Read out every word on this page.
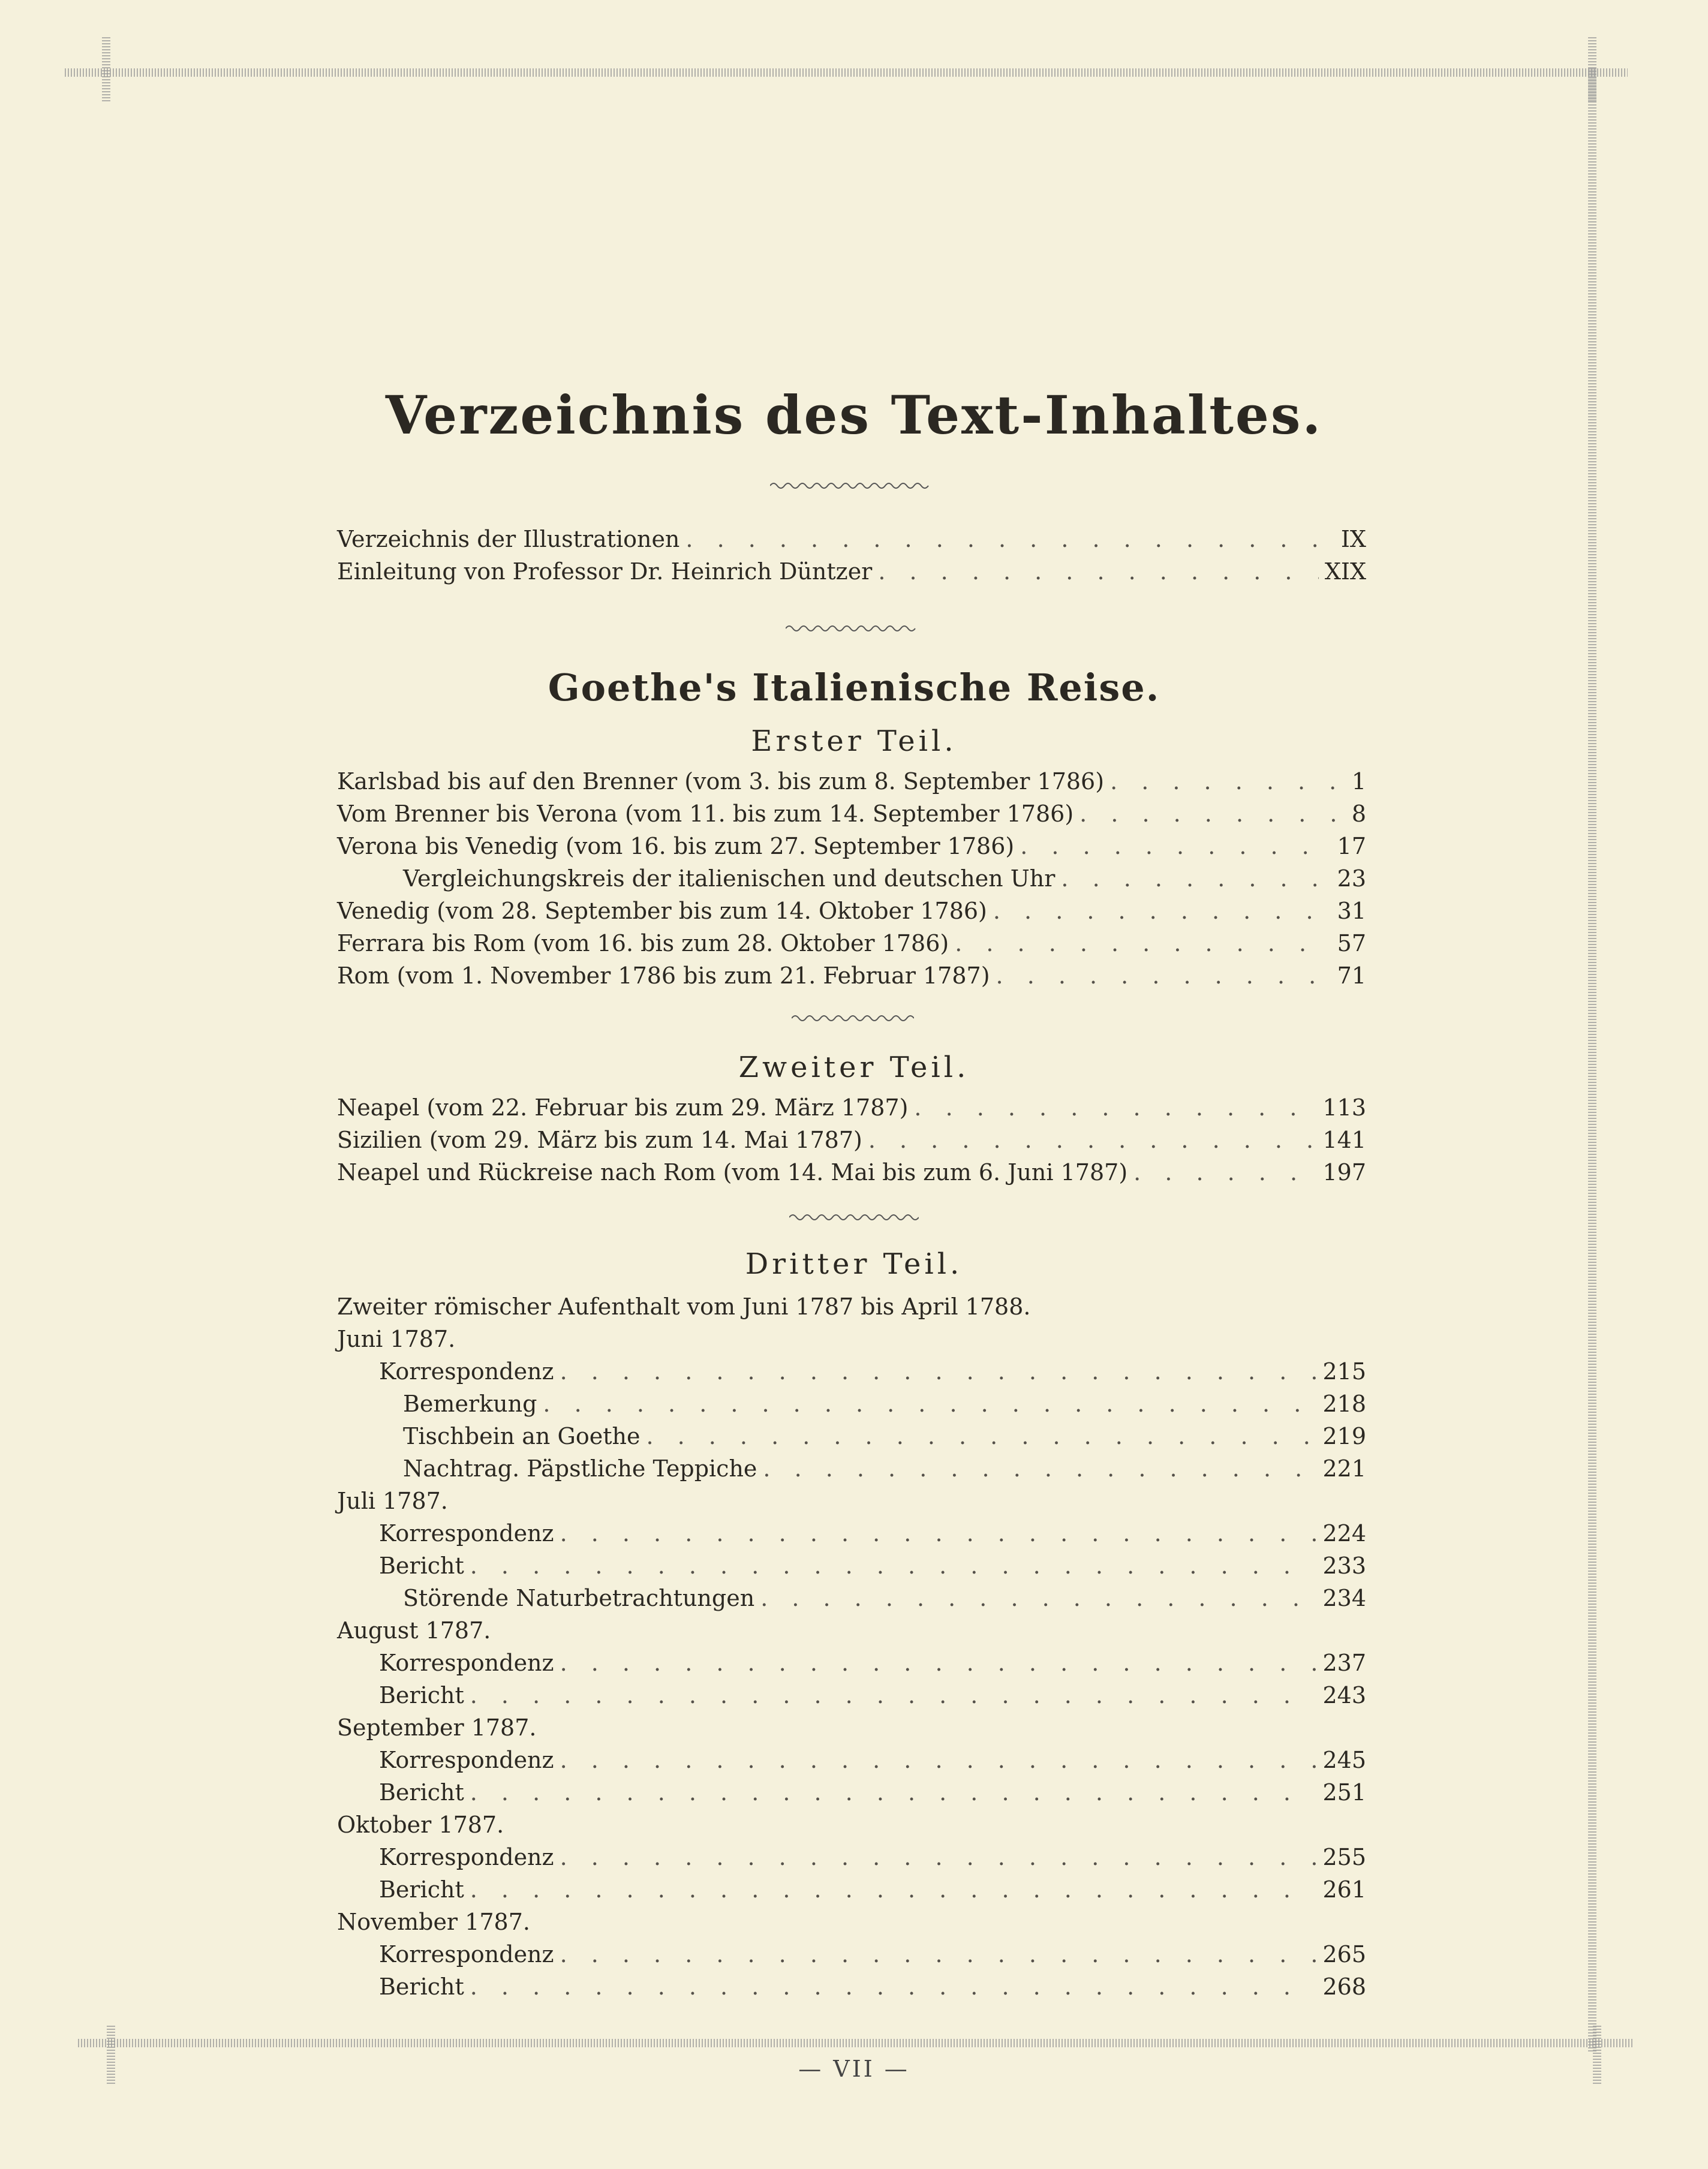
Verzeichnis des Text-Inhaltes.
Verzeichnis der Illustrationen . . .	IX
Einleitung von Professor Dr. Heinrich Düntzer . . .	XIX
Goethe's Italienische Reise.
Erster Teil.
Karlsbad bis auf den Brenner (vom 3. bis zum 8. September 1786) . . .	1
Vom Brenner bis Verona (vom 11. bis zum 14. September 1786) . . .	8
Verona bis Venedig (vom 16. bis zum 27. September 1786) . . .	17
Vergleichungskreis der italienischen und deutschen Uhr . . .	23
Venedig (vom 28. September bis zum 14. Oktober 1786) . . .	31
Ferrara bis Rom (vom 16. bis zum 28. Oktober 1786) . . .	57
Rom (vom 1. November 1786 bis zum 21. Februar 1787) . . .	71
Zweiter Teil.
Neapel (vom 22. Februar bis zum 29. März 1787) . . .	113
Sizilien (vom 29. März bis zum 14. Mai 1787) . . .	141
Neapel und Rückreise nach Rom (vom 14. Mai bis zum 6. Juni 1787) . . .	197
Dritter Teil.
Zweiter römischer Aufenthalt vom Juni 1787 bis April 1788.
Juni 1787.
Korrespondenz . . .	215
Bemerkung . . .	218
Tischbein an Goethe . . .	219
Nachtrag. Päpstliche Teppiche . . .	221
Juli 1787.
Korrespondenz . . .	224
Bericht . . .	233
Störende Naturbetrachtungen . . .	234
August 1787.
Korrespondenz . . .	237
Bericht . . .	243
September 1787.
Korrespondenz . . .	245
Bericht . . .	251
Oktober 1787.
Korrespondenz . . .	255
Bericht . . .	261
November 1787.
Korrespondenz . . .	265
Bericht . . .	268
— VII —
